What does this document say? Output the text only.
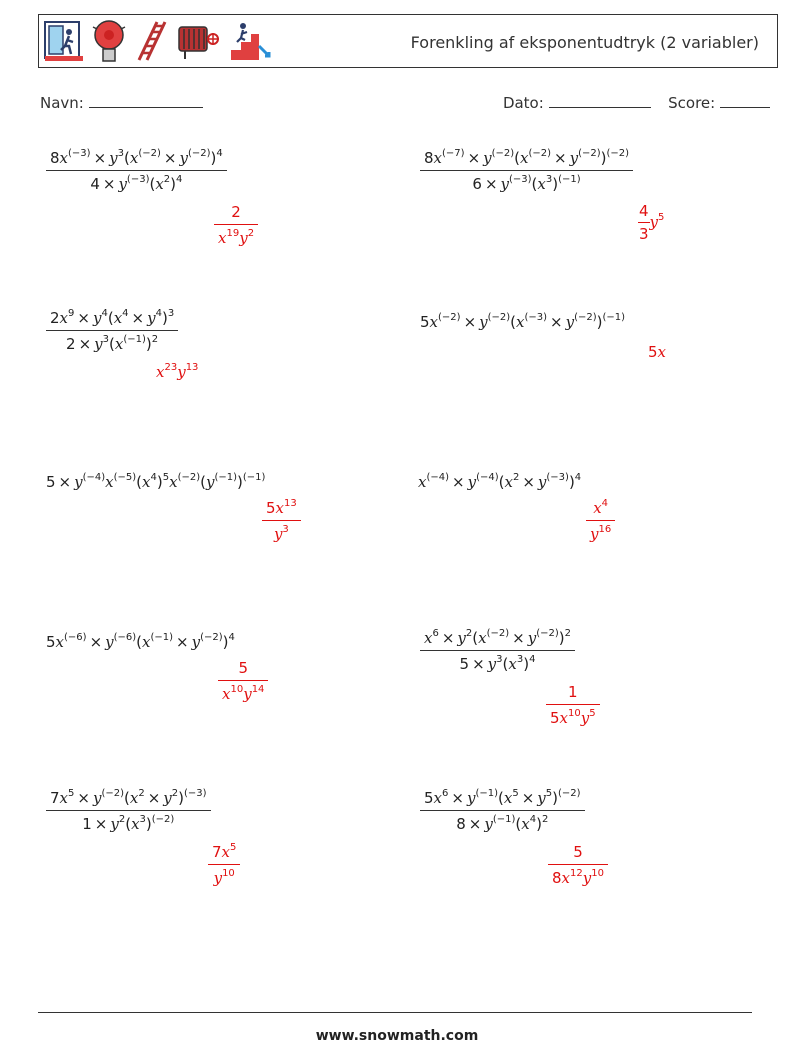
Forenkling af eksponentudtryk (2 variabler)
Navn:	Dato:	Score:
$\frac{8x^{(-3)} \times y^3(x^{(-2)} \times y^{(-2)})^4}{4 \times y^{(-3)}(x^2)^4}$
$\frac{2}{x^{19}y^2}$
$\frac{8x^{(-7)} \times y^{(-2)}(x^{(-2)} \times y^{(-2)})^{(-2)}}{6 \times y^{(-3)}(x^3)^{(-1)}}$
$\frac{4}{3} y^5$
$\frac{2x^9 \times y^4(x^4 \times y^4)^3}{2 \times y^3(x^{(-1)})^2}$
$x^{23}y^{13}$
$5x^{(-2)} \times y^{(-2)}(x^{(-3)} \times y^{(-2)})^{(-1)}$
5x
$5 \times y^{(-4)}x^{(-5)}(x^4)^5x^{(-2)}(y^{(-1)})^{(-1)}$
$\frac{5x^{13}}{y^3}$
$x^{(-4)} \times y^{(-4)}(x^2 \times y^{(-3)})^4$
$\frac{x^4}{y^{16}}$
$5x^{(-6)} \times y^{(-6)}(x^{(-1)} \times y^{(-2)})^4$
$\frac{5}{x^{10}y^{14}}$
$\frac{x^6 \times y^2(x^{(-2)} \times y^{(-2)})^2}{5 \times y^3(x^3)^4}$
$\frac{1}{5x^{10}y^5}$
$\frac{7x^5 \times y^{(-2)}(x^2 \times y^2)^{(-3)}}{1 \times y^2(x^3)^{(-2)}}$
$\frac{7x^5}{y^{10}}$
$\frac{5x^6 \times y^{(-1)}(x^5 \times y^5)^{(-2)}}{8 \times y^{(-1)}(x^4)^2}$
$\frac{5}{8x^{12}y^{10}}$
www.snowmath.com
